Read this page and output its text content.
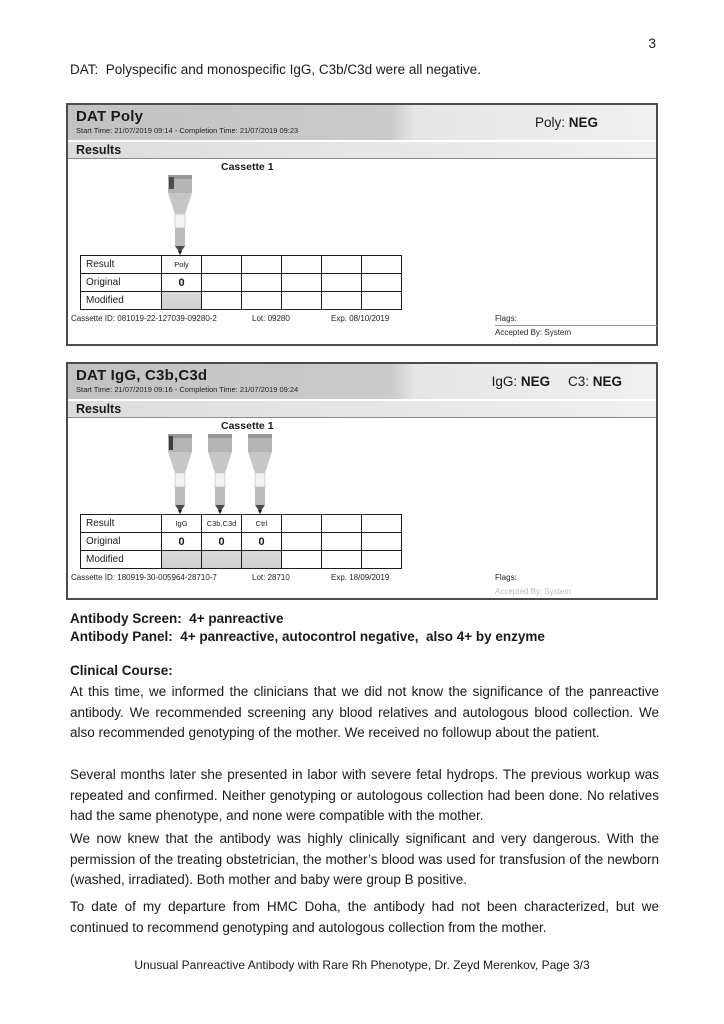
3
DAT:  Polyspecific and monospecific IgG, C3b/C3d were all negative.
DAT Poly
Start Time: 21/07/2019 09:14 - Completion Time: 21/07/2019 09:23
Poly: NEG
Results
Cassette 1
Result	Poly					
Original	0					
Modified						
Cassette ID: 081019-22-127039-09280-2	Lot: 09280	Exp. 08/10/2019	Flags:
Accepted By: System
DAT IgG, C3b,C3d
Start Time: 21/07/2019 09:16 - Completion Time: 21/07/2019 09:24
IgG: NEG C3: NEG
Results
Cassette 1
Result	IgG	C3b,C3d	Ctrl			
Original	0	0	0			
Modified						
Cassette ID: 180919-30-005964-28710-7	Lot: 28710	Exp. 18/09/2019	Flags:
Accepted By: System
Antibody Screen:  4+ panreactive
Antibody Panel:  4+ panreactive, autocontrol negative,  also 4+ by enzyme
Clinical Course:

At this time, we informed the clinicians that we did not know the significance of the panreactive antibody. We recommended screening any blood relatives and autologous blood collection. We also recommended genotyping of the mother. We received no followup about the patient.

Several months later she presented in labor with severe fetal hydrops. The previous workup was repeated and confirmed. Neither genotyping or autologous collection had been done. No relatives had the same phenotype, and none were compatible with the mother.

We now knew that the antibody was highly clinically significant and very dangerous. With the permission of the treating obstetrician, the mother’s blood was used for transfusion of the newborn (washed, irradiated). Both mother and baby were group B positive.

To date of my departure from HMC Doha, the antibody had not been characterized, but we continued to recommend genotyping and autologous collection from the mother.

Unusual Panreactive Antibody with Rare Rh Phenotype, Dr. Zeyd Merenkov, Page 3/3
